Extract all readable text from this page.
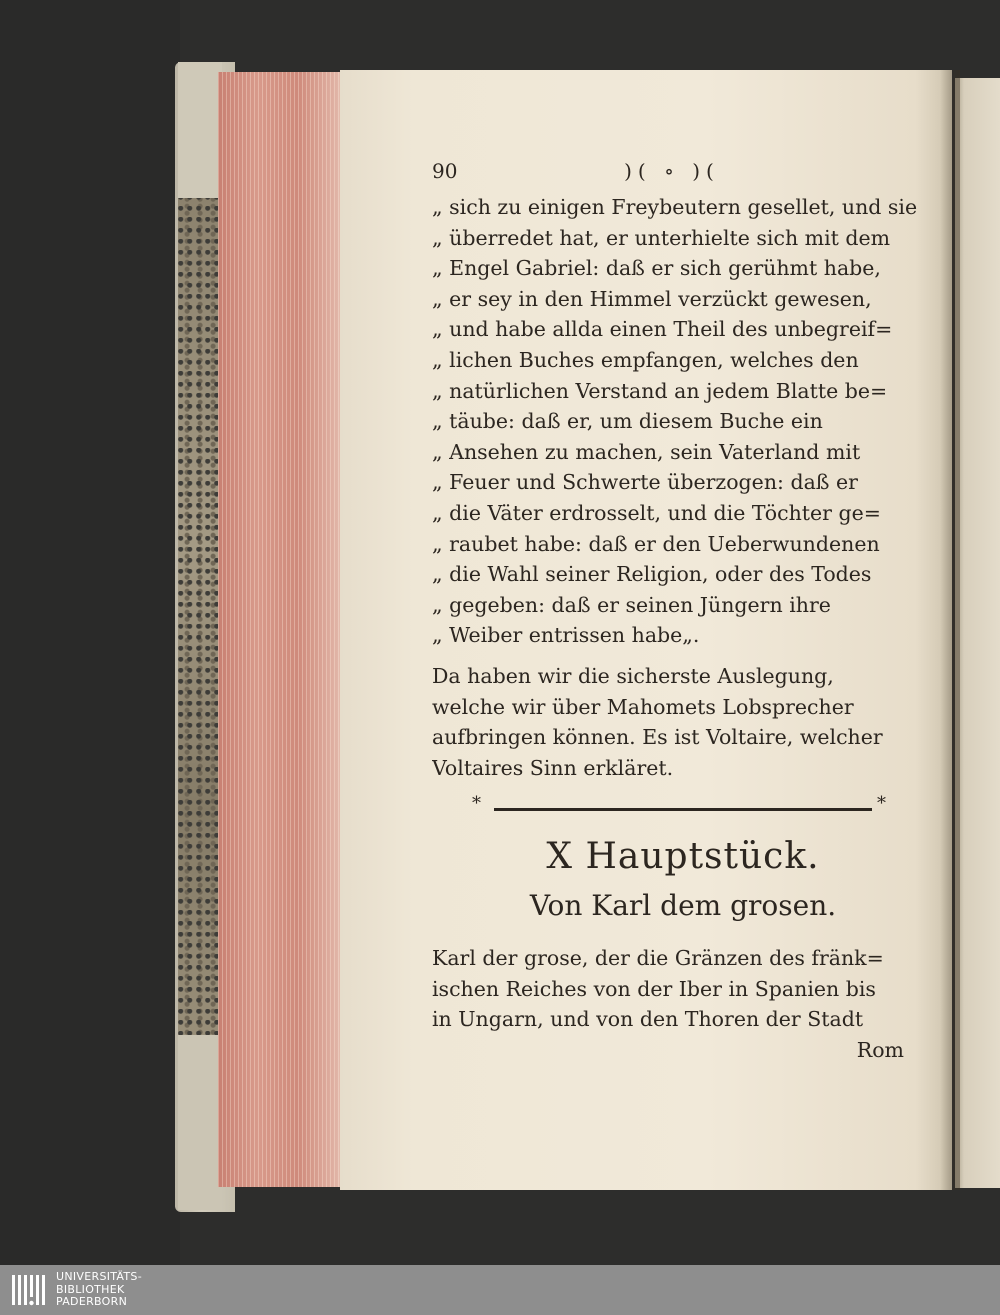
90	)( ∘ )(
„ sich zu einigen Freybeutern gesellet, und sie
„ überredet hat, er unterhielte sich mit dem
„ Engel Gabriel: daß er sich gerühmt habe,
„ er sey in den Himmel verzückt gewesen,
„ und habe allda einen Theil des unbegreif=
„ lichen Buches empfangen, welches den
„ natürlichen Verstand an jedem Blatte be=
„ täube: daß er, um diesem Buche ein
„ Ansehen zu machen, sein Vaterland mit
„ Feuer und Schwerte überzogen: daß er
„ die Väter erdrosselt, und die Töchter ge=
„ raubet habe: daß er den Ueberwundenen
„ die Wahl seiner Religion, oder des Todes
„ gegeben: daß er seinen Jüngern ihre
„ Weiber entrissen habe„.
Da haben wir die sicherste Auslegung,
welche wir über Mahomets Lobsprecher
aufbringen können. Es ist Voltaire, welcher
Voltaires Sinn erkläret.
*	*
X Hauptstück.
Von Karl dem grosen.
Karl der grose, der die Gränzen des fränk=
ischen Reiches von der Iber in Spanien bis
in Ungarn, und von den Thoren der Stadt
Rom
UNIVERSITÄTS-
BIBLIOTHEK
PADERBORN
